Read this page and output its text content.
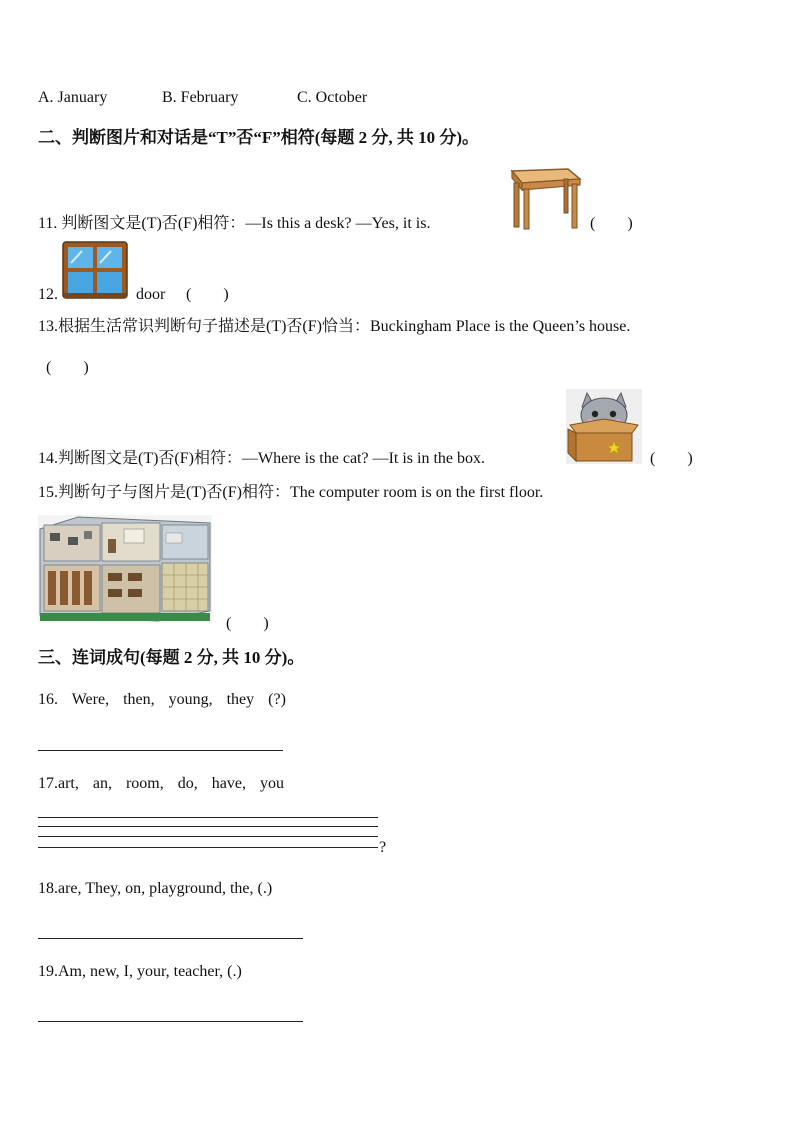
A. January	B. February	C. October
二、判断图片和对话是“T”否“F”相符(每题 2 分, 共 10 分)。
11. 判断图文是(T)否(F)相符：—Is this a desk? —Yes, it is.	(　　)
12.	door (　　)
13.根据生活常识判断句子描述是(T)否(F)恰当：Buckingham Place is the Queen’s house.
(　　)
14.判断图文是(T)否(F)相符：—Where is the cat? —It is in the box.	(　　)
15.判断句子与图片是(T)否(F)相符：The computer room is on the first floor.
(　　)
三、连词成句(每题 2 分, 共 10 分)。
16. Were, then, young, they (?)
17.art, an, room, do, have, you
?
18.are, They, on, playground, the, (.)
19.Am, new, I, your, teacher, (.)
